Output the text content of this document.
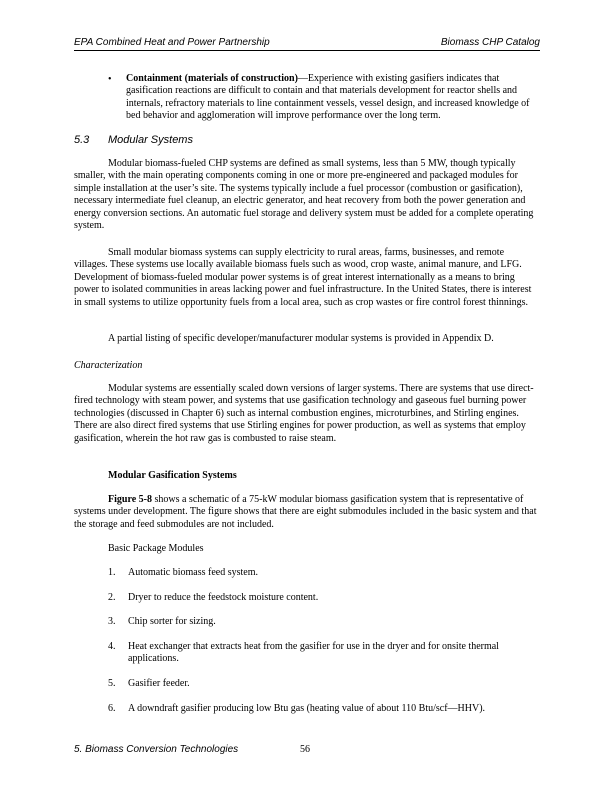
EPA Combined Heat and Power Partnership	Biomass CHP Catalog
• Containment (materials of construction)—Experience with existing gasifiers indicates that gasification reactions are difficult to contain and that materials development for reactor shells and internals, refractory materials to line containment vessels, vessel design, and increased knowledge of bed behavior and agglomeration will improve performance over the long term.

5.3 Modular Systems

Modular biomass-fueled CHP systems are defined as small systems, less than 5 MW, though typically smaller, with the main operating components coming in one or more pre-engineered and packaged modules for simple installation at the user’s site. The systems typically include a fuel processor (combustion or gasification), necessary intermediate fuel cleanup, an electric generator, and heat recovery from both the power generation and energy conversion sections. An automatic fuel storage and delivery system must be added for a complete operating system.

Small modular biomass systems can supply electricity to rural areas, farms, businesses, and remote villages. These systems use locally available biomass fuels such as wood, crop waste, animal manure, and LFG. Development of biomass-fueled modular power systems is of great interest internationally as a means to bring power to isolated communities in areas lacking power and fuel infrastructure. In the United States, there is interest in small systems to utilize opportunity fuels from a local area, such as crop wastes or fire control forest thinnings.

A partial listing of specific developer/manufacturer modular systems is provided in Appendix D.

Characterization

Modular systems are essentially scaled down versions of larger systems. There are systems that use direct-fired technology with steam power, and systems that use gasification technology and gaseous fuel burning power technologies (discussed in Chapter 6) such as internal combustion engines, microturbines, and Stirling engines. There are also direct fired systems that use Stirling engines for power production, as well as systems that employ gasification, wherein the hot raw gas is combusted to raise steam.

Modular Gasification Systems

Figure 5-8 shows a schematic of a 75-kW modular biomass gasification system that is representative of systems under development. The figure shows that there are eight submodules included in the basic system and that the storage and feed submodules are not included.

Basic Package Modules
1. Automatic biomass feed system.
2. Dryer to reduce the feedstock moisture content.
3. Chip sorter for sizing.
4. Heat exchanger that extracts heat from the gasifier for use in the dryer and for onsite thermal applications.
5. Gasifier feeder.
6. A downdraft gasifier producing low Btu gas (heating value of about 110 Btu/scf—HHV).
5. Biomass Conversion Technologies	56
